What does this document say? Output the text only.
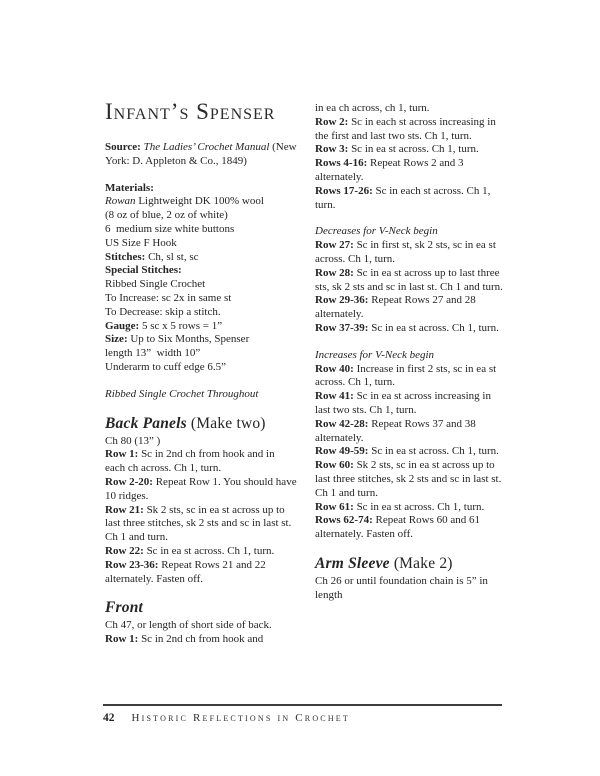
Infant’s Spenser

Source: The Ladies’ Crochet Manual (New York: D. Appleton & Co., 1849)

Materials:

Rowan Lightweight DK 100% wool

(8 oz of blue, 2 oz of white)

6  medium size white buttons

US Size F Hook

Stitches: Ch, sl st, sc

Special Stitches:

Ribbed Single Crochet

To Increase: sc 2x in same st

To Decrease: skip a stitch.

Gauge: 5 sc x 5 rows = 1”

Size: Up to Six Months, Spenser

length 13”  width 10”

Underarm to cuff edge 6.5”

Ribbed Single Crochet Throughout

Back Panels (Make two)

Ch 80 (13” )

Row 1: Sc in 2nd ch from hook and in each ch across. Ch 1, turn.

Row 2-20: Repeat Row 1. You should have 10 ridges.

Row 21: Sk 2 sts, sc in ea st across up to last three stitches, sk 2 sts and sc in last st. Ch 1 and turn.

Row 22: Sc in ea st across. Ch 1, turn.

Row 23-36: Repeat Rows 21 and 22 alternately. Fasten off.

Front

Ch 47, or length of short side of back.

Row 1: Sc in 2nd ch from hook and

in ea ch across, ch 1, turn.

Row 2: Sc in each st across increasing in the first and last two sts. Ch 1, turn.

Row 3: Sc in ea st across. Ch 1, turn.

Rows 4-16: Repeat Rows 2 and 3 alternately.

Rows 17-26: Sc in each st across. Ch 1, turn.

Decreases for V-Neck begin

Row 27: Sc in first st, sk 2 sts, sc in ea st across. Ch 1, turn.

Row 28: Sc in ea st across up to last three sts, sk 2 sts and sc in last st. Ch 1 and turn.

Row 29-36: Repeat Rows 27 and 28 alternately.

Row 37-39: Sc in ea st across. Ch 1, turn.

Increases for V-Neck begin

Row 40: Increase in first 2 sts, sc in ea st across. Ch 1, turn.

Row 41: Sc in ea st across increasing in last two sts. Ch 1, turn.

Row 42-28: Repeat Rows 37 and 38 alternately.

Row 49-59: Sc in ea st across. Ch 1, turn.

Row 60: Sk 2 sts, sc in ea st across up to last three stitches, sk 2 sts and sc in last st. Ch 1 and turn.

Row 61: Sc in ea st across. Ch 1, turn.

Rows 62-74: Repeat Rows 60 and 61 alternately. Fasten off.

Arm Sleeve (Make 2)

Ch 26 or until foundation chain is 5” in length

42 Historic Reflections in Crochet
